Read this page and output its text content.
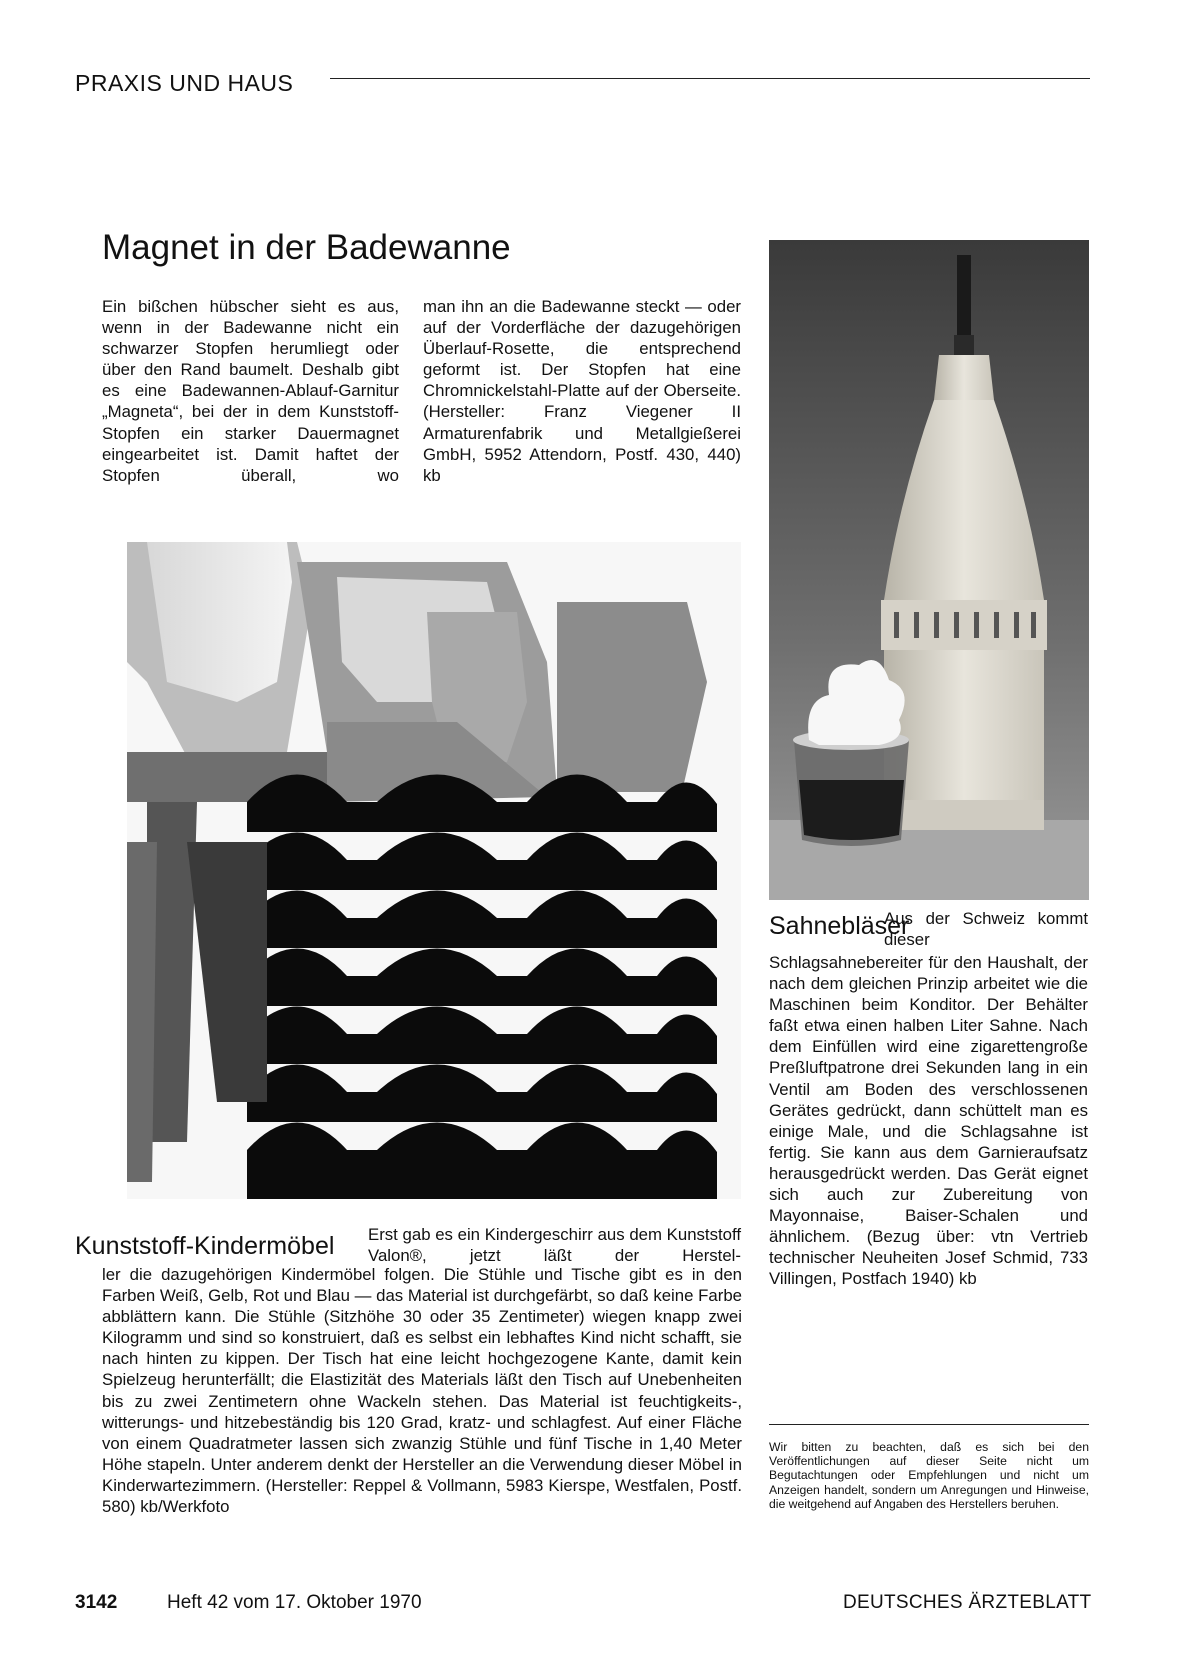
PRAXIS UND HAUS
Magnet in der Badewanne

Ein bißchen hübscher sieht es aus, wenn in der Badewanne nicht ein schwarzer Stopfen herumliegt oder über den Rand baumelt. Deshalb gibt es eine Badewannen-Ablauf-Garnitur „Magneta“, bei der in dem Kunststoff-Stopfen ein starker Dauermagnet eingearbeitet ist. Damit haftet der Stopfen überall, wo

man ihn an die Badewanne steckt — oder auf der Vorderfläche der dazugehörigen Überlauf-Rosette, die entsprechend geformt ist. Der Stopfen hat eine Chromnickelstahl-Platte auf der Oberseite. (Hersteller: Franz Viegener II Armaturenfabrik und Metallgießerei GmbH, 5952 Attendorn, Postf. 430, 440) kb

Kunststoff-Kindermöbel Erst gab es ein Kindergeschirr aus dem Kunststoff Valon®, jetzt läßt der Herstel-

ler die dazugehörigen Kindermöbel folgen. Die Stühle und Tische gibt es in den Farben Weiß, Gelb, Rot und Blau — das Material ist durchgefärbt, so daß keine Farbe abblättern kann. Die Stühle (Sitzhöhe 30 oder 35 Zentimeter) wiegen knapp zwei Kilogramm und sind so konstruiert, daß es selbst ein lebhaftes Kind nicht schafft, sie nach hinten zu kippen. Der Tisch hat eine leicht hochgezogene Kante, damit kein Spielzeug herunterfällt; die Elastizität des Materials läßt den Tisch auf Unebenheiten bis zu zwei Zentimetern ohne Wackeln stehen. Das Material ist feuchtigkeits-, witterungs- und hitzebeständig bis 120 Grad, kratz- und schlagfest. Auf einer Fläche von einem Quadratmeter lassen sich zwanzig Stühle und fünf Tische in 1,40 Meter Höhe stapeln. Unter anderem denkt der Hersteller an die Verwendung dieser Möbel in Kinderwartezimmern. (Hersteller: Reppel & Vollmann, 5983 Kierspe, Westfalen, Postf. 580) kb/Werkfoto

Sahnebläser

Aus der Schweiz kommt dieser

Schlagsahnebereiter für den Haushalt, der nach dem gleichen Prinzip arbeitet wie die Maschinen beim Konditor. Der Behälter faßt etwa einen halben Liter Sahne. Nach dem Einfüllen wird eine zigarettengroße Preßluftpatrone drei Sekunden lang in ein Ventil am Boden des verschlossenen Gerätes gedrückt, dann schüttelt man es einige Male, und die Schlagsahne ist fertig. Sie kann aus dem Garnieraufsatz herausgedrückt werden. Das Gerät eignet sich auch zur Zubereitung von Mayonnaise, Baiser-Schalen und ähnlichem. (Bezug über: vtn Vertrieb technischer Neuheiten Josef Schmid, 733 Villingen, Postfach 1940) kb

Wir bitten zu beachten, daß es sich bei den Veröffentlichungen auf dieser Seite nicht um Begutachtungen oder Empfehlungen und nicht um Anzeigen handelt, sondern um Anregungen und Hinweise, die weitgehend auf Angaben des Herstellers beruhen.

3142	Heft 42 vom 17. Oktober 1970	DEUTSCHES ÄRZTEBLATT
